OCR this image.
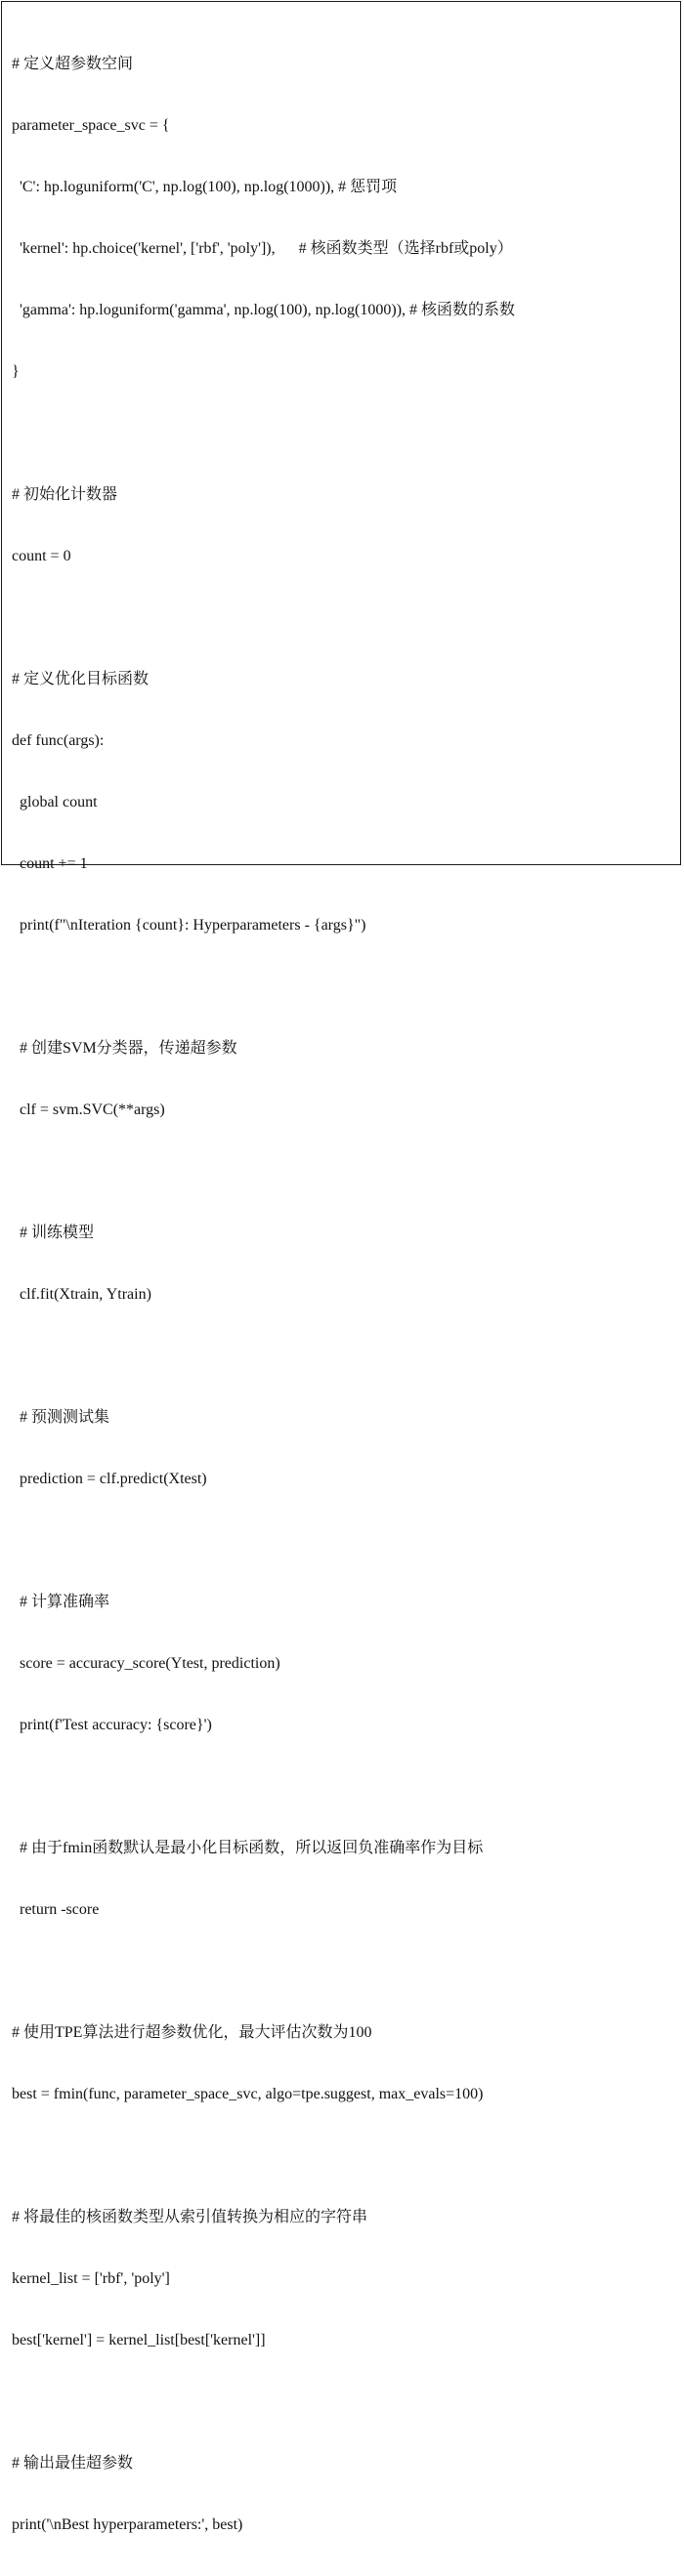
# 定义超参数空间

parameter_space_svc = {

'C': hp.loguniform('C', np.log(100), np.log(1000)), # 惩罚项

'kernel': hp.choice('kernel', ['rbf', 'poly']),      # 核函数类型（选择rbf或poly）

'gamma': hp.loguniform('gamma', np.log(100), np.log(1000)), # 核函数的系数

}

# 初始化计数器

count = 0

# 定义优化目标函数

def func(args):

global count

count += 1

print(f"\nIteration {count}: Hyperparameters - {args}")

# 创建SVM分类器，传递超参数

clf = svm.SVC(**args)

# 训练模型

clf.fit(Xtrain, Ytrain)

# 预测测试集

prediction = clf.predict(Xtest)

# 计算准确率

score = accuracy_score(Ytest, prediction)

print(f'Test accuracy: {score}')

# 由于fmin函数默认是最小化目标函数，所以返回负准确率作为目标

return -score

# 使用TPE算法进行超参数优化，最大评估次数为100

best = fmin(func, parameter_space_svc, algo=tpe.suggest, max_evals=100)

# 将最佳的核函数类型从索引值转换为相应的字符串

kernel_list = ['rbf', 'poly']

best['kernel'] = kernel_list[best['kernel']]

# 输出最佳超参数

print('\nBest hyperparameters:', best)
